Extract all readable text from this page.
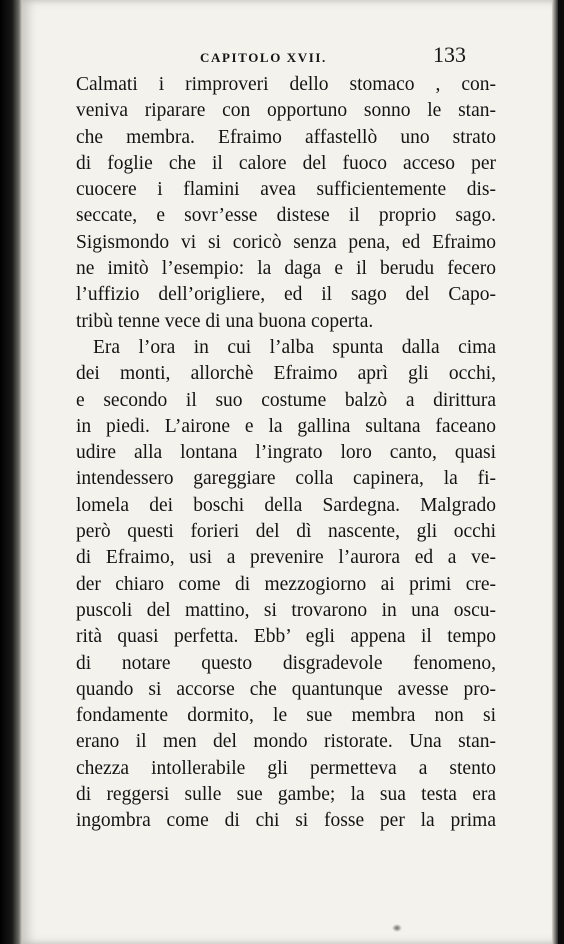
CAPITOLO XVII.	133
Calmati i rimproveri dello stomaco , con-
veniva riparare con opportuno sonno le stan-
che membra. Efraimo affastellò uno strato
di foglie che il calore del fuoco acceso per
cuocere i flamini avea sufficientemente dis-
seccate, e sovr’esse distese il proprio sago.
Sigismondo vi si coricò senza pena, ed Efraimo
ne imitò l’esempio: la daga e il berudu fecero
l’uffizio dell’origliere, ed il sago del Capo-
tribù tenne vece di una buona coperta.
Era l’ora in cui l’alba spunta dalla cima
dei monti, allorchè Efraimo aprì gli occhi,
e secondo il suo costume balzò a dirittura
in piedi. L’airone e la gallina sultana faceano
udire alla lontana l’ingrato loro canto, quasi
intendessero gareggiare colla capinera, la fi-
lomela dei boschi della Sardegna. Malgrado
però questi forieri del dì nascente, gli occhi
di Efraimo, usi a prevenire l’aurora ed a ve-
der chiaro come di mezzogiorno ai primi cre-
puscoli del mattino, si trovarono in una oscu-
rità quasi perfetta. Ebb’ egli appena il tempo
di notare questo disgradevole fenomeno,
quando si accorse che quantunque avesse pro-
fondamente dormito, le sue membra non si
erano il men del mondo ristorate. Una stan-
chezza intollerabile gli permetteva a stento
di reggersi sulle sue gambe; la sua testa era
ingombra come di chi si fosse per la prima
